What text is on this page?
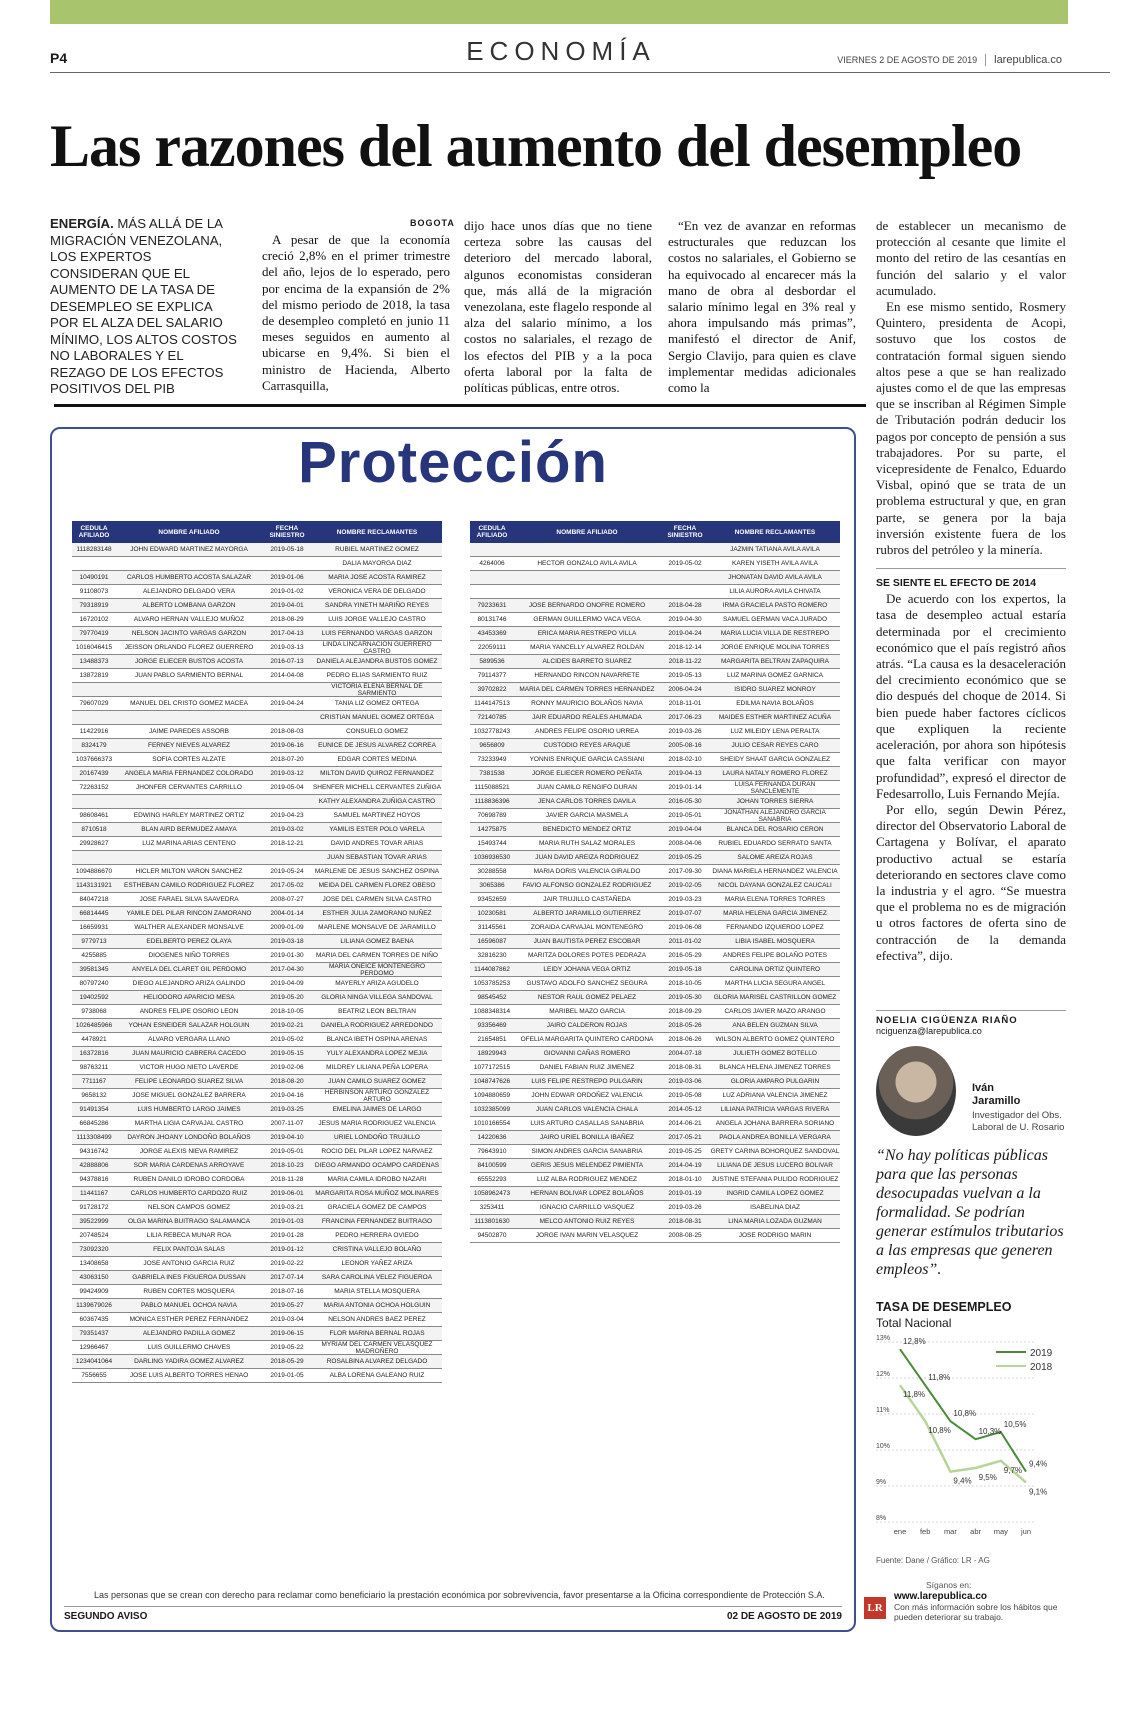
P4	ECONOMÍA	VIERNES 2 DE AGOSTO DE 2019 larepublica.co
Las razones del aumento del desempleo
ENERGÍA. MÁS ALLÁ DE LA MIGRACIÓN VENEZOLANA, LOS EXPERTOS CONSIDERAN QUE EL AUMENTO DE LA TASA DE DESEMPLEO SE EXPLICA POR EL ALZA DEL SALARIO MÍNIMO, LOS ALTOS COSTOS NO LABORALES Y EL REZAGO DE LOS EFECTOS POSITIVOS DEL PIB
BOGOTA
A pesar de que la economía creció 2,8% en el primer trimestre del año, lejos de lo esperado, pero por encima de la expansión de 2% del mismo periodo de 2018, la tasa de desempleo completó en junio 11 meses seguidos en aumento al ubicarse en 9,4%. Si bien el ministro de Hacienda, Alberto Carrasquilla,
dijo hace unos días que no tiene certeza sobre las causas del deterioro del mercado laboral, algunos economistas consideran que, más allá de la migración venezolana, este flagelo responde al alza del salario mínimo, a los costos no salariales, el rezago de los efectos del PIB y a la poca oferta laboral por la falta de políticas públicas, entre otros.
“En vez de avanzar en reformas estructurales que reduzcan los costos no salariales, el Gobierno se ha equivocado al encarecer más la mano de obra al desbordar el salario mínimo legal en 3% real y ahora impulsando más primas”, manifestó el director de Anif, Sergio Clavijo, para quien es clave implementar medidas adicionales como la

de establecer un mecanismo de protección al cesante que limite el monto del retiro de las cesantías en función del salario y el valor acumulado.

En ese mismo sentido, Rosmery Quintero, presidenta de Acopi, sostuvo que los costos de contratación formal siguen siendo altos pese a que se han realizado ajustes como el de que las empresas que se inscriban al Régimen Simple de Tributación podrán deducir los pagos por concepto de pensión a sus trabajadores. Por su parte, el vicepresidente de Fenalco, Eduardo Visbal, opinó que se trata de un problema estructural y que, en gran parte, se genera por la baja inversión existente fuera de los rubros del petróleo y la minería.

SE SIENTE EL EFECTO DE 2014

De acuerdo con los expertos, la tasa de desempleo actual estaría determinada por el crecimiento económico que el país registró años atrás. “La causa es la desaceleración del crecimiento económico que se dio después del choque de 2014. Si bien puede haber factores cíclicos que expliquen la reciente aceleración, por ahora son hipótesis que falta verificar con mayor profundidad”, expresó el director de Fedesarrollo, Luis Fernando Mejía.

Por ello, según Dewin Pérez, director del Observatorio Laboral de Cartagena y Bolívar, el aparato productivo actual se estaría deteriorando en sectores clave como la industria y el agro. “Se muestra que el problema no es de migración u otros factores de oferta sino de contracción de la demanda efectiva”, dijo.

NOELIA CIGÜENZA RIAÑO
nciguenza@larepublica.co
Iván Jaramillo
Investigador del Obs. Laboral de U. Rosario
“No hay políticas públicas para que las personas desocupadas vuelvan a la formalidad. Se podrían generar estímulos tributarios a las empresas que generen empleos”.
TASA DE DESEMPLEO
Total Nacional
13%
12%
11%
10%
9%
8%
ene feb mar abr may jun
11,8%
10,8%
9,4% 9,5%
9,7%
9,1%
12,8%
11,8%
10,8%
10,3%
10,5%
9,4%
2019
2018
Fuente: Dane / Gráfico: LR - AG
Síganos en:
LR
www.larepublica.co
Con más información sobre los hábitos que pueden deteriorar su trabajo.
Protección
CEDULA AFILIADO	NOMBRE AFILIADO	FECHA SINIESTRO	NOMBRE RECLAMANTES
1118283148	JOHN EDWARD MARTINEZ MAYORGA	2019-05-18	RUBIEL MARTINEZ GOMEZ
DALIA MAYORGA DIAZ
10490191	CARLOS HUMBERTO ACOSTA SALAZAR	2019-01-06	MARIA JOSE ACOSTA RAMIREZ
91108073	ALEJANDRO DELGADO VERA	2019-01-02	VERONICA VERA DE DELGADO
79318919	ALBERTO LOMBANA GARZON	2019-04-01	SANDRA YINETH MARIÑO REYES
16720102	ALVARO HERNAN VALLEJO MUÑOZ	2018-08-29	LUIS JORGE VALLEJO CASTRO
79770419	NELSON JACINTO VARGAS GARZON	2017-04-13	LUIS FERNANDO VARGAS GARZON
1016046415	JEISSON ORLANDO FLOREZ GUERRERO	2019-03-13	LINDA LINCARNACION GUERRERO CASTRO
13488373	JORGE ELIECER BUSTOS ACOSTA	2016-07-13	DANIELA ALEJANDRA BUSTOS GOMEZ
13872819	JUAN PABLO SARMIENTO BERNAL	2014-04-08	PEDRO ELIAS SARMIENTO RUIZ
VICTORIA ELENA BERNAL DE SARMIENTO
79607029	MANUEL DEL CRISTO GOMEZ MACEA	2019-04-24	TANIA LIZ GOMEZ ORTEGA
CRISTIAN MANUEL GOMEZ ORTEGA
11422916	JAIME PAREDES ASSORB	2018-08-03	CONSUELO GOMEZ
8324179	FERNEY NIEVES ALVAREZ	2019-06-16	EUNICE DE JESUS ALVAREZ CORREA
1037666373	SOFIA CORTES ALZATE	2018-07-20	EDGAR CORTES MEDINA
20167439	ANGELA MARIA FERNANDEZ COLORADO	2019-03-12	MILTON DAVID QUIROZ FERNANDEZ
72263152	JHONFER CERVANTES CARRILLO	2019-05-04	SHENFER MICHELL CERVANTES ZUÑIGA
KATHY ALEXANDRA ZUÑIGA CASTRO
98608461	EDWING HARLEY MARTINEZ ORTIZ	2019-04-23	SAMUEL MARTINEZ HOYOS
8710518	BLAN AIRD BERMUDEZ AMAYA	2019-03-02	YAMILIS ESTER POLO VARELA
29928627	LUZ MARINA ARIAS CENTENO	2018-12-21	DAVID ANDRES TOVAR ARIAS
JUAN SEBASTIAN TOVAR ARIAS
1094886670	HICLER MILTON VARON SANCHEZ	2019-05-24	MARLENE DE JESUS SANCHEZ OSPINA
1143131921	ESTHEBAN CAMILO RODRIGUEZ FLOREZ	2017-05-02	MEIDA DEL CARMEN FLOREZ OBESO
84047218	JOSE FARAEL SILVA SAAVEDRA	2008-07-27	JOSE DEL CARMEN SILVA CASTRO
66814445	YAMILE DEL PILAR RINCON ZAMORANO	2004-01-14	ESTHER JULIA ZAMORANO NUÑEZ
16659931	WALTHER ALEXANDER MONSALVE	2009-01-09	MARLENE MONSALVE DE JARAMILLO
9779713	EDELBERTO PEREZ OLAYA	2019-03-18	LILIANA GOMEZ BAENA
4255885	DIOGENES NIÑO TORRES	2019-01-30	MARIA DEL CARMEN TORRES DE NIÑO
39581345	ANYELA DEL CLARET GIL PERDOMO	2017-04-30	MARIA ONEICE MONTENEGRO PERDOMO
80797240	DIEGO ALEJANDRO ARIZA GALINDO	2019-04-09	MAYERLY ARIZA AGUDELO
19402592	HELIODORO APARICIO MESA	2019-05-20	GLORIA NINGA VILLEGA SANDOVAL
9738068	ANDRES FELIPE OSORIO LEON	2018-10-05	BEATRIZ LEON BELTRAN
1026485966	YOHAN ESNEIDER SALAZAR HOLGUIN	2019-02-21	DANIELA RODRIGUEZ ARREDONDO
4478921	ALVARO VERGARA LLANO	2019-05-02	BLANCA IBETH OSPINA ARENAS
16372816	JUAN MAURICIO CABRERA CACEDO	2019-05-15	YULY ALEXANDRA LOPEZ MEJIA
98763211	VICTOR HUGO NIETO LAVERDE	2019-02-06	MILDREY LILIANA PEÑA LOPERA
7711167	FELIPE LEONARDO SUAREZ SILVA	2018-08-20	JUAN CAMILO SUAREZ GOMEZ
9658132	JOSE MIGUEL GONZALEZ BARRERA	2019-04-16	HERBINSON ARTURO GONZALEZ ARTURO
91491354	LUIS HUMBERTO LARGO JAIMES	2019-03-25	EMELINA JAIMES DE LARGO
66845286	MARTHA LIGIA CARVAJAL CASTRO	2007-11-07	JESUS MARIA RODRIGUEZ VALENCIA
1113308499	DAYRON JHOANY LONDOÑO BOLAÑOS	2019-04-10	URIEL LONDOÑO TRUJILLO
94316742	JORGE ALEXIS NIEVA RAMIREZ	2019-05-01	ROCIO DEL PILAR LOPEZ NARVAEZ
42888806	SOR MARIA CARDENAS ARROYAVE	2018-10-23	DIEGO ARMANDO OCAMPO CARDENAS
94378816	RUBEN DANILO IDROBO CORDOBA	2018-11-28	MARIA CAMILA IDROBO NAZARI
11441167	CARLOS HUMBERTO CARDOZO RUIZ	2019-06-01	MARGARITA ROSA MUÑOZ MOLINARES
91728172	NELSON CAMPOS GOMEZ	2019-03-21	GRACIELA GOMEZ DE CAMPOS
39522999	OLGA MARINA BUITRAGO SALAMANCA	2019-01-03	FRANCINA FERNANDEZ BUITRAGO
20748524	LILIA REBECA MUNAR ROA	2019-01-28	PEDRO HERRERA OVIEDO
73092320	FELIX PANTOJA SALAS	2019-01-12	CRISTINA VALLEJO BOLAÑO
13408658	JOSE ANTONIO GARCIA RUIZ	2019-02-22	LEONOR YAÑEZ ARIZA
43063150	GABRIELA INES FIGUEROA DUSSAN	2017-07-14	SARA CAROLINA VELEZ FIGUEROA
99424909	RUBEN CORTES MOSQUERA	2018-07-16	MARIA STELLA MOSQUERA
1139679026	PABLO MANUEL OCHOA NAVIA	2019-05-27	MARIA ANTONIA OCHOA HOLGUIN
60367435	MONICA ESTHER PEREZ FERNANDEZ	2019-03-04	NELSON ANDRES BAEZ PEREZ
79351437	ALEJANDRO PADILLA GOMEZ	2019-06-15	FLOR MARINA BERNAL ROJAS
12966467	LUIS GUILLERMO CHAVES	2019-05-22	MYRIAM DEL CARMEN VELASQUEZ MADROÑERO
1234041064	DARLING YADIRA GOMEZ ALVAREZ	2018-05-29	ROSALBINA ALVAREZ DELGADO
7556655	JOSE LUIS ALBERTO TORRES HENAO	2019-01-05	ALBA LORENA GALEANO RUIZ
CEDULA AFILIADO	NOMBRE AFILIADO	FECHA SINIESTRO	NOMBRE RECLAMANTES
JAZMIN TATIANA AVILA AVILA
4264006	HECTOR GONZALO AVILA AVILA	2019-05-02	KAREN YISETH AVILA AVILA
JHONATAN DAVID AVILA AVILA
LILIA AURORA AVILA CHIVATA
79233631	JOSE BERNARDO ONOFRE ROMERO	2018-04-28	IRMA GRACIELA PASTO ROMERO
80131746	GERMAN GUILLERMO VACA VEGA	2019-04-30	SAMUEL GERMAN VACA JURADO
43453369	ERICA MARIA RESTREPO VILLA	2019-04-24	MARIA LUCIA VILLA DE RESTREPO
22059111	MARIA YANCELLY ALVAREZ ROLDAN	2018-12-14	JORGE ENRIQUE MOLINA TORRES
5899536	ALCIDES BARRETO SUAREZ	2018-11-22	MARGARITA BELTRAN ZAPAQUIRA
79114377	HERNANDO RINCON NAVARRETE	2019-05-13	LUZ MARINA GOMEZ GARNICA
39702822	MARIA DEL CARMEN TORRES HERNANDEZ	2006-04-24	ISIDRO SUAREZ MONROY
1144147513	RONNY MAURICIO BOLAÑOS NAVIA	2018-11-01	EDILMA NAVIA BOLAÑOS
72140785	JAIR EDUARDO REALES AHUMADA	2017-06-23	MAIDES ESTHER MARTINEZ ACUÑA
1032778243	ANDRES FELIPE OSORIO URREA	2019-03-26	LUZ MILEIDY LENA PERALTA
9656809	CUSTODIO REYES ARAQUE	2005-08-16	JULIO CESAR REYES CARO
73233949	YONNIS ENRIQUE GARCIA CASSIANI	2018-02-10	SHEIDY SHAAT GARCIA GONZALEZ
7381538	JORGE ELIECER ROMERO PEÑATA	2019-04-13	LAURA NATALY ROMERO FLOREZ
1115088521	JUAN CAMILO RENGIFO DURAN	2019-01-14	LUISA FERNANDA DURAN SANCLEMENTE
1118836396	JENA CARLOS TORRES DAVILA	2016-05-30	JOHAN TORRES SIERRA
70698789	JAVIER GARCIA MASMELA	2019-05-01	JONATHAN ALEJANDRO GARCIA SANABRIA
14275875	BENEDICTO MENDEZ ORTIZ	2019-04-04	BLANCA DEL ROSARIO CERON
15493744	MARIA RUTH SALAZ MORALES	2008-04-06	RUBIEL EDUARDO SERRATO SANTA
1036936530	JUAN DAVID AREIZA RODRIGUEZ	2019-05-25	SALOME AREIZA ROJAS
30288558	MARIA DORIS VALENCIA GIRALDO	2017-09-30	DIANA MARIELA HERNANDEZ VALENCIA
3065386	FAVIO ALFONSO GONZALEZ RODRIGUEZ	2019-02-05	NICOL DAYANA GONZALEZ CAUCALI
93452659	JAIR TRUJILLO CASTAÑEDA	2019-03-23	MARIA ELENA TORRES TORRES
10230581	ALBERTO JARAMILLO GUTIERREZ	2019-07-07	MARIA HELENA GARCIA JIMENEZ
31145561	ZORAIDA CARVAJAL MONTENEGRO	2019-06-08	FERNANDO IZQUIERDO LOPEZ
16596087	JUAN BAUTISTA PEREZ ESCOBAR	2011-01-02	LIBIA ISABEL MOSQUERA
32816230	MARITZA DOLORES POTES PEDRAZA	2016-05-29	ANDRES FELIPE BOLAÑO POTES
1144087862	LEIDY JOHANA VEGA ORTIZ	2019-05-18	CAROLINA ORTIZ QUINTERO
1053785253	GUSTAVO ADOLFO SANCHEZ SEGURA	2018-10-05	MARTHA LUCIA SEGURA ANGEL
98545452	NESTOR RAUL GOMEZ PELAEZ	2019-05-30	GLORIA MARISEL CASTRILLON GOMEZ
1088348314	MARIBEL MAZO GARCIA	2018-09-29	CARLOS JAVIER MAZO ARANGO
93356469	JAIRO CALDERON ROJAS	2018-05-26	ANA BELEN GUZMAN SILVA
21654851	OFELIA MARGARITA QUINTERO CARDONA	2018-06-26	WILSON ALBERTO GOMEZ QUINTERO
18929943	GIOVANNI CAÑAS ROMERO	2004-07-18	JULIETH GOMEZ BOTELLO
1077172515	DANIEL FABIAN RUIZ JIMENEZ	2018-08-31	BLANCA HELENA JIMENEZ TORRES
1048747626	LUIS FELIPE RESTREPO PULGARIN	2019-03-06	GLORIA AMPARO PULGARIN
1094880659	JOHN EDWAR ORDOÑEZ VALENCIA	2019-05-08	LUZ ADRIANA VALENCIA JIMENEZ
1032385099	JUAN CARLOS VALENCIA CHALA	2014-05-12	LILIANA PATRICIA VARGAS RIVERA
1010166554	LUIS ARTURO CASALLAS SANABRIA	2014-06-21	ANGELA JOHANA BARRERA SORIANO
14220636	JAIRO URIEL BONILLA IBAÑEZ	2017-05-21	PAOLA ANDREA BONILLA VERGARA
79643910	SIMON ANDRES GARCIA SANABRIA	2019-05-25	GRETY CARINA BOHORQUEZ SANDOVAL
84100599	GERIS JESUS MELENDEZ PIMIENTA	2014-04-19	LILIANA DE JESUS LUCERO BOLIVAR
65552293	LUZ ALBA RODRIGUEZ MENDEZ	2018-01-10	JUSTINE STEFANIA PULIDO RODRIGUEZ
1058962473	HERNAN BOLIVAR LOPEZ BOLAÑOS	2019-01-19	INGRID CAMILA LOPEZ GOMEZ
3253411	IGNACIO CARRILLO VASQUEZ	2019-03-26	ISABELINA DIAZ
1113801630	MELCO ANTONIO RUIZ REYES	2018-08-31	LINA MARIA LOZADA GUZMAN
94502870	JORGE IVAN MARIN VELASQUEZ	2008-08-25	JOSE RODRIGO MARIN
Las personas que se crean con derecho para reclamar como beneficiario la prestación económica por sobrevivencia, favor presentarse a la Oficina correspondiente de Protección S.A.
SEGUNDO AVISO	02 DE AGOSTO DE 2019
